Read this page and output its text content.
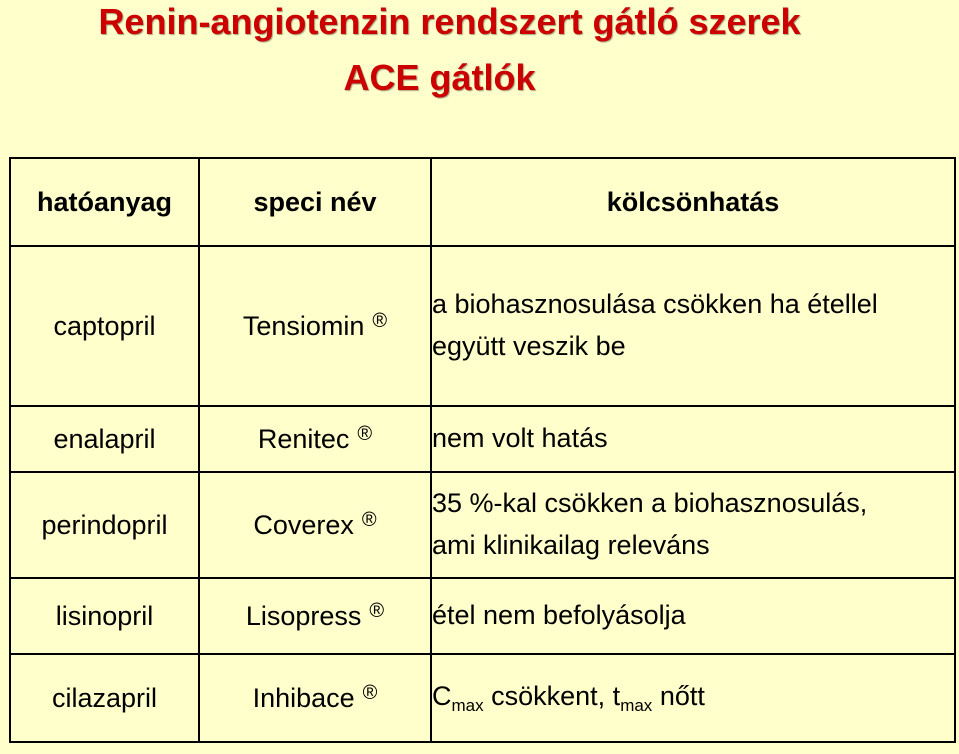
Renin-angiotenzin rendszert gátló szerek
ACE gátlók
hatóanyag	speci név	kölcsönhatás
captopril	Tensiomin ®	a biohasznosulása csökken ha étellel
együtt veszik be
enalapril	Renitec ®	nem volt hatás
perindopril	Coverex ®	35 %-kal csökken a biohasznosulás,
ami klinikailag releváns
lisinopril	Lisopress ®	étel nem befolyásolja
cilazapril	Inhibace ®	$C_{max}$ csökkent, $t_{max}$ nőtt
